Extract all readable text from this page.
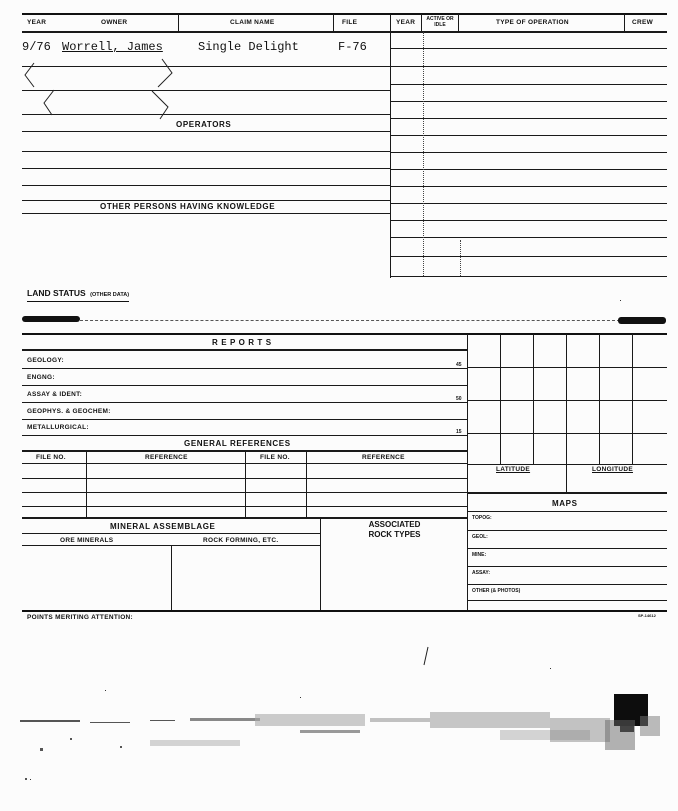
YEAR	OWNER	CLAIM NAME	FILE	YEAR	ACTIVE OR IDLE	TYPE OF OPERATION	CREW
9/76 Worrell, James	Single Delight	F-76
OPERATORS
OTHER PERSONS HAVING KNOWLEDGE
LAND STATUS (OTHER DATA)
R E P O R T S
GEOLOGY:
45
ENGNG:
ASSAY & IDENT:
50
GEOPHYS. & GEOCHEM:
METALLURGICAL:
15
GENERAL REFERENCES
FILE NO.	REFERENCE	FILE NO.	REFERENCE
MINERAL ASSEMBLAGE	ASSOCIATED
ROCK TYPES
ORE MINERALS	ROCK FORMING, ETC.
LATITUDE	LONGITUDE
MAPS
TOPOG:
GEOL:
MINE:
ASSAY:
OTHER (& PHOTOS)
POINTS MERITING ATTENTION:	SP-14612
